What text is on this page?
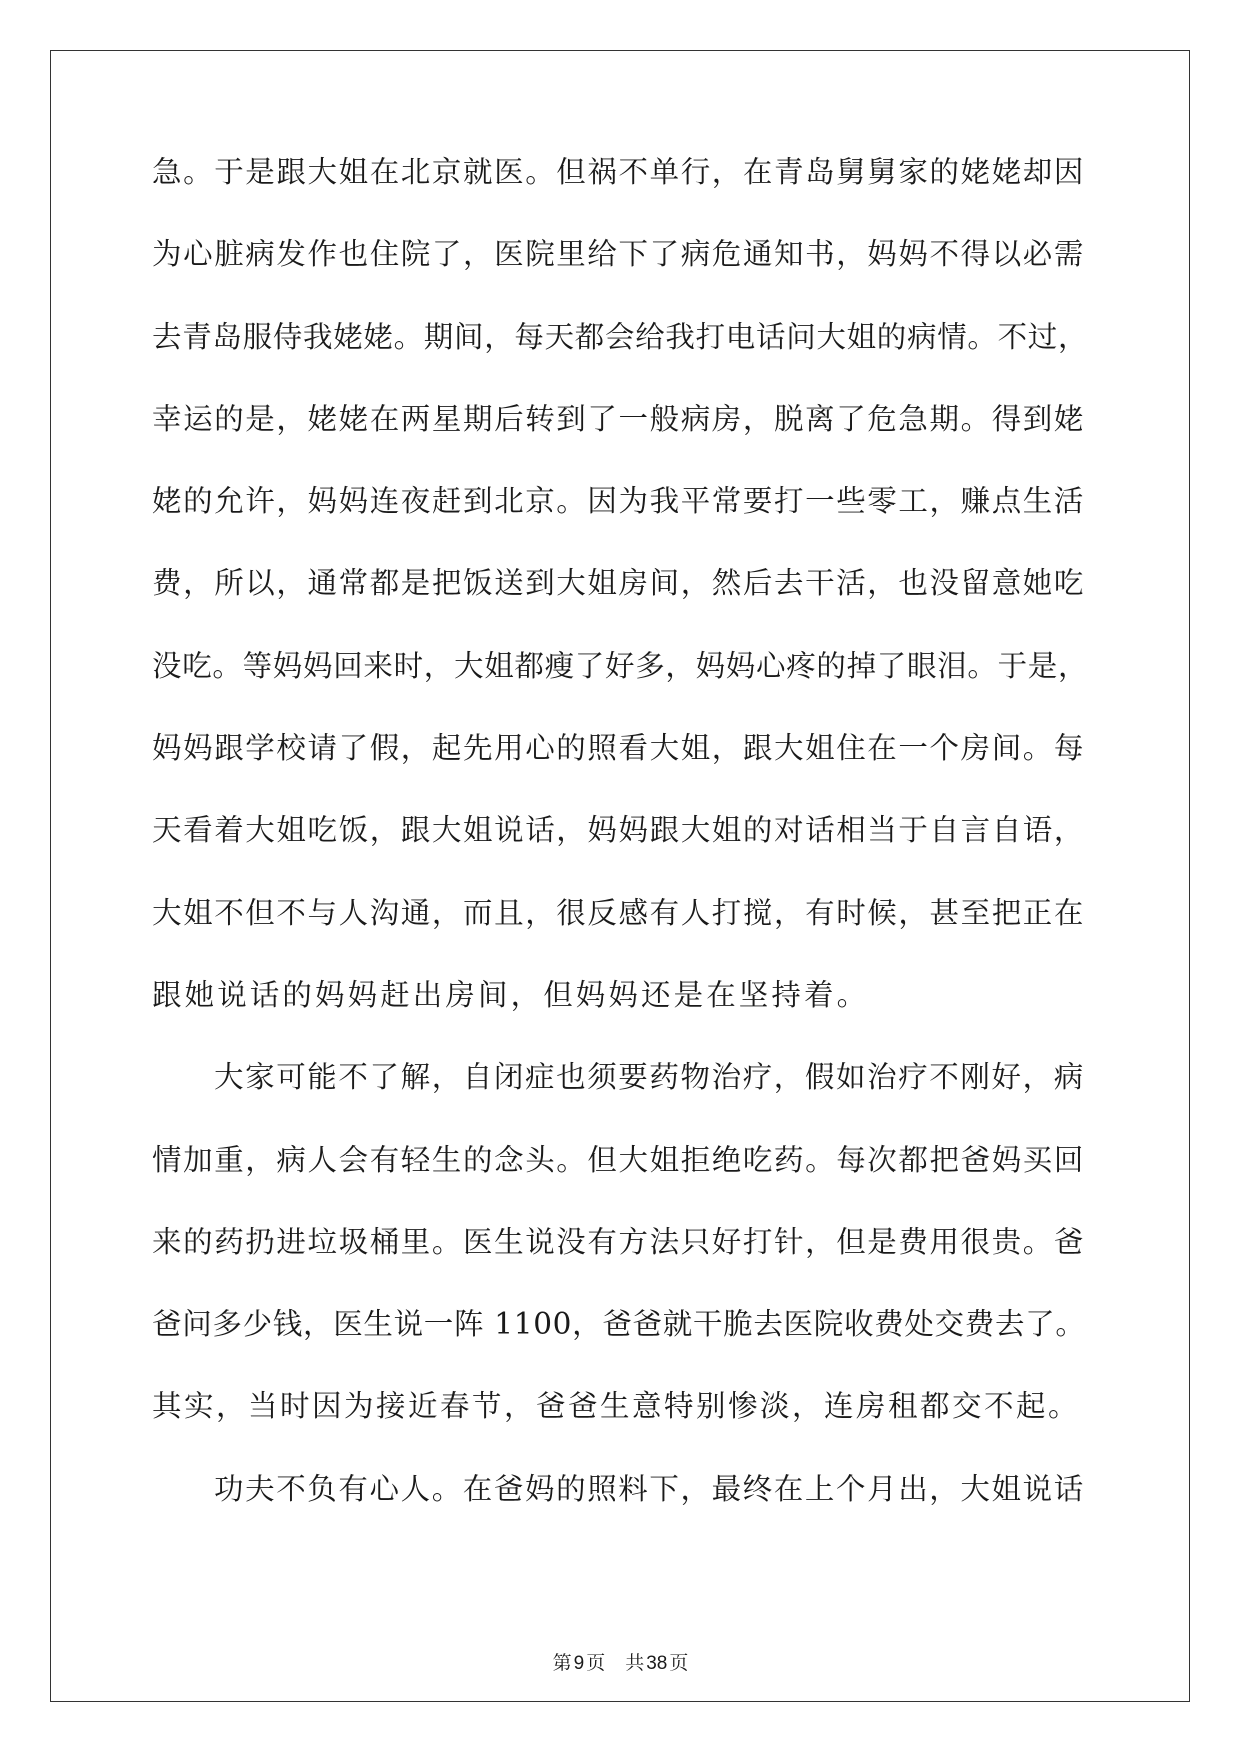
急。于是跟大姐在北京就医。但祸不单行，在青岛舅舅家的姥姥却因
为心脏病发作也住院了，医院里给下了病危通知书，妈妈不得以必需
去青岛服侍我姥姥。期间，每天都会给我打电话问大姐的病情。不过，
幸运的是，姥姥在两星期后转到了一般病房，脱离了危急期。得到姥
姥的允许，妈妈连夜赶到北京。因为我平常要打一些零工，赚点生活
费，所以，通常都是把饭送到大姐房间，然后去干活，也没留意她吃
没吃。等妈妈回来时，大姐都瘦了好多，妈妈心疼的掉了眼泪。于是，
妈妈跟学校请了假，起先用心的照看大姐，跟大姐住在一个房间。每
天看着大姐吃饭，跟大姐说话，妈妈跟大姐的对话相当于自言自语，
大姐不但不与人沟通，而且，很反感有人打搅，有时候，甚至把正在
跟她说话的妈妈赶出房间，但妈妈还是在坚持着。
大家可能不了解，自闭症也须要药物治疗，假如治疗不刚好，病
情加重，病人会有轻生的念头。但大姐拒绝吃药。每次都把爸妈买回
来的药扔进垃圾桶里。医生说没有方法只好打针，但是费用很贵。爸
爸问多少钱，医生说一阵 1100，爸爸就干脆去医院收费处交费去了。
其实，当时因为接近春节，爸爸生意特别惨淡，连房租都交不起。
功夫不负有心人。在爸妈的照料下，最终在上个月出，大姐说话
第 9 页 共 38 页
